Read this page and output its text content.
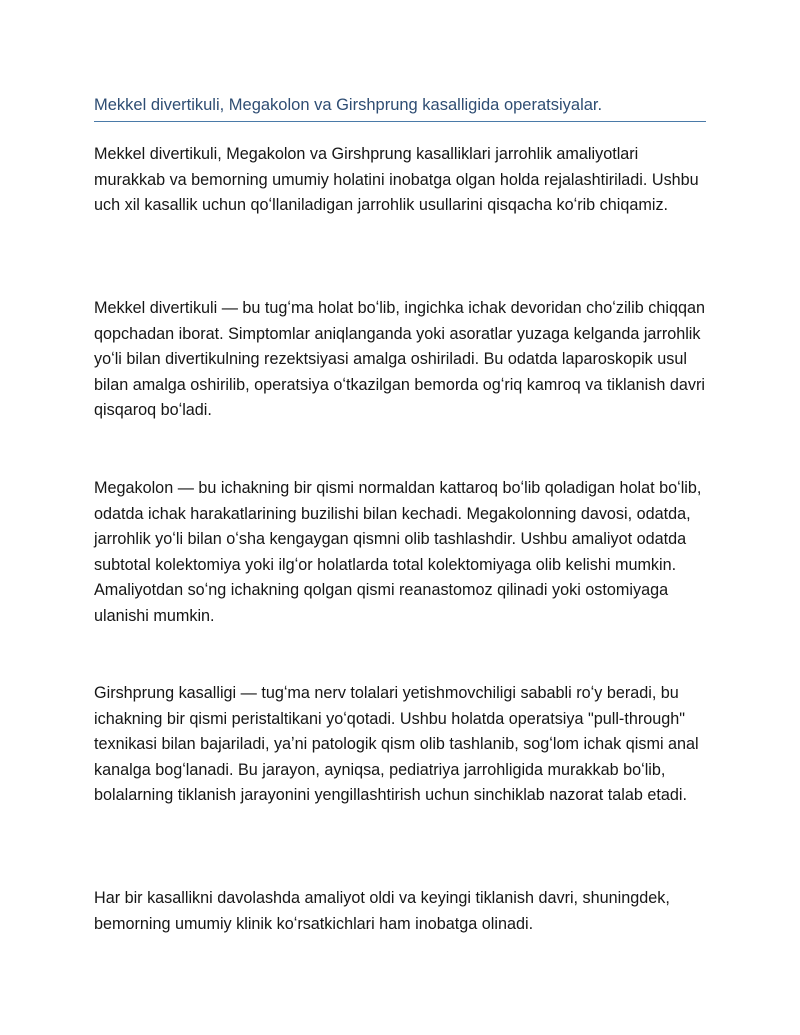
Mekkel divertikuli, Megakolon va Girshprung kasalligida operatsiyalar.

Mekkel divertikuli, Megakolon va Girshprung kasalliklari jarrohlik amaliyotlari murakkab va bemorning umumiy holatini inobatga olgan holda rejalashtiriladi. Ushbu uch xil kasallik uchun qoʻllaniladigan jarrohlik usullarini qisqacha koʻrib chiqamiz.

Mekkel divertikuli — bu tugʻma holat boʻlib, ingichka ichak devoridan choʻzilib chiqqan qopchadan iborat. Simptomlar aniqlanganda yoki asoratlar yuzaga kelganda jarrohlik yoʻli bilan divertikulning rezektsiyasi amalga oshiriladi. Bu odatda laparoskopik usul bilan amalga oshirilib, operatsiya oʻtkazilgan bemorda ogʻriq kamroq va tiklanish davri qisqaroq boʻladi.

Megakolon — bu ichakning bir qismi normaldan kattaroq boʻlib qoladigan holat boʻlib, odatda ichak harakatlarining buzilishi bilan kechadi. Megakolonning davosi, odatda, jarrohlik yoʻli bilan oʻsha kengaygan qismni olib tashlashdir. Ushbu amaliyot odatda subtotal kolektomiya yoki ilgʻor holatlarda total kolektomiyaga olib kelishi mumkin. Amaliyotdan soʻng ichakning qolgan qismi reanastomoz qilinadi yoki ostomiyaga ulanishi mumkin.

Girshprung kasalligi — tugʻma nerv tolalari yetishmovchiligi sababli roʻy beradi, bu ichakning bir qismi peristaltikani yoʻqotadi. Ushbu holatda operatsiya "pull-through" texnikasi bilan bajariladi, yaʼni patologik qism olib tashlanib, sogʻlom ichak qismi anal kanalga bogʻlanadi. Bu jarayon, ayniqsa, pediatriya jarrohligida murakkab boʻlib, bolalarning tiklanish jarayonini yengillashtirish uchun sinchiklab nazorat talab etadi.

Har bir kasallikni davolashda amaliyot oldi va keyingi tiklanish davri, shuningdek, bemorning umumiy klinik koʻrsatkichlari ham inobatga olinadi.
